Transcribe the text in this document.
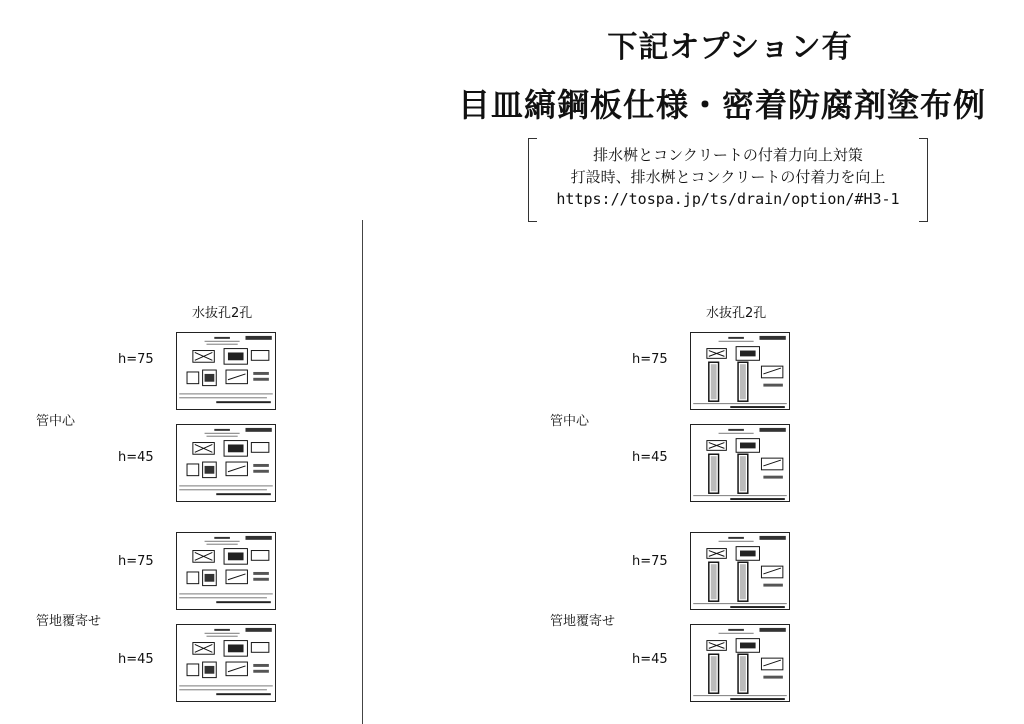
下記オプション有
目皿縞鋼板仕様・密着防腐剤塗布例
排水桝とコンクリートの付着力向上対策
打設時、排水桝とコンクリートの付着力を向上
https://tospa.jp/ts/drain/option/#H3-1
水抜孔2孔
h=75
管中心
h=45
h=75
管地覆寄せ
h=45
水抜孔2孔
h=75
管中心
h=45
h=75
管地覆寄せ
h=45
